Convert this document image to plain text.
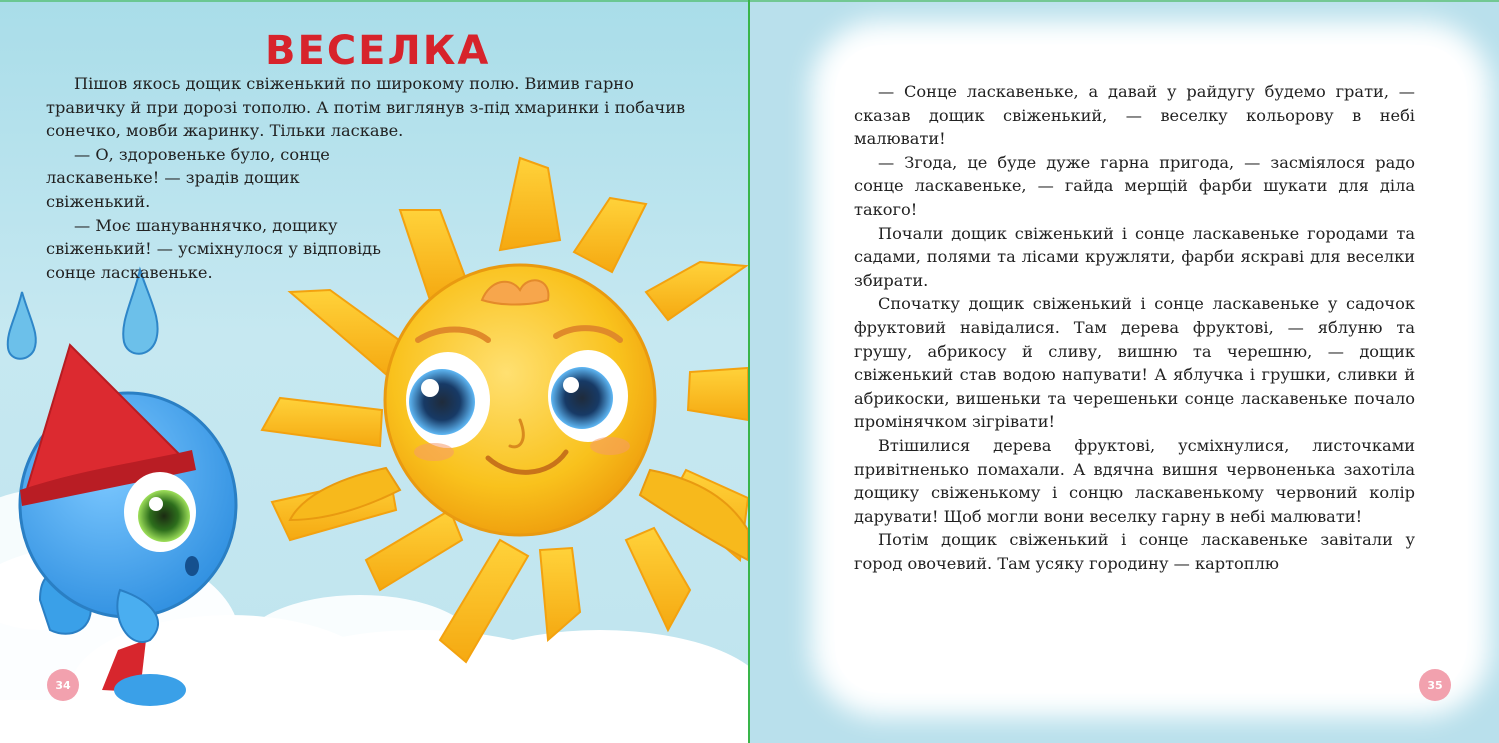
ВЕСЕЛКА

Пішов якось дощик свіженький по широкому полю. Вимив гарно травичку й при дорозі тополю. А потім виглянув з-під хмаринки і побачив сонечко, мовби жаринку. Тільки ласкаве.

— О, здоровеньке було, сонце ласкавеньке! — зрадів дощик свіженький.

— Моє шануваннячко, дощику свіженький! — усміхнулося у відповідь сонце ласкавеньке.

34

— Сонце ласкавеньке, а давай у райдугу будемо грати, — сказав дощик свіженький, — веселку кольорову в небі малювати!

— Згода, це буде дуже гарна пригода, — засміялося радо сонце ласкавеньке, — гайда мерщій фарби шукати для діла такого!

Почали дощик свіженький і сонце ласкавеньке городами та садами, полями та лісами кружляти, фарби яскраві для веселки збирати.

Спочатку дощик свіженький і сонце ласкавеньке у садочок фруктовий навідалися. Там дерева фруктові, — яблуню та грушу, абрикосу й сливу, вишню та черешню, — дощик свіженький став водою напувати! А яблучка і грушки, сливки й абрикоски, вишеньки та черешеньки сонце ласкавеньке почало промінячком зігрівати!

Втішилися дерева фруктові, усміхнулися, листочками привітненько помахали. А вдячна вишня червоненька захотіла дощику свіженькому і сонцю ласкавенькому червоний колір дарувати! Щоб могли вони веселку гарну в небі малювати!

Потім дощик свіженький і сонце ласкавеньке завітали у город овочевий. Там усяку городину — картоплю

35
